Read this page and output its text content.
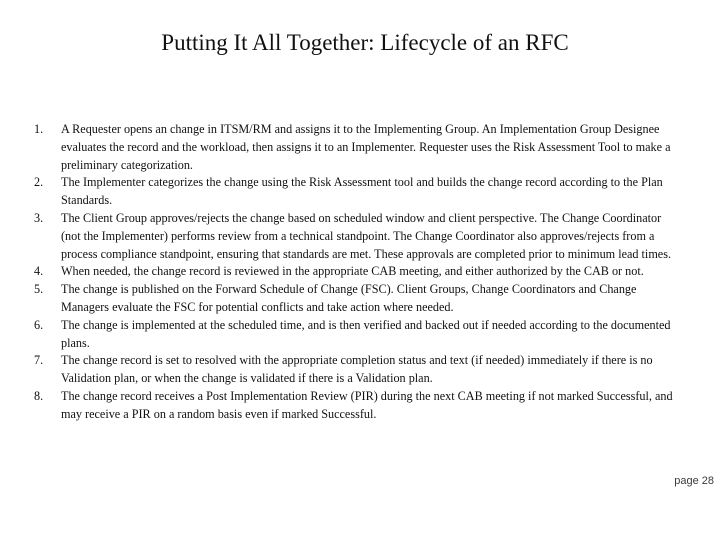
Putting It All Together: Lifecycle of an RFC
1.	A Requester opens an change in ITSM/RM and assigns it to the Implementing Group. An Implementation Group Designee evaluates the record and the workload, then assigns it to an Implementer. Requester uses the Risk Assessment Tool to make a preliminary categorization.
2.	The Implementer categorizes the change using the Risk Assessment tool and builds the change record according to the Plan Standards.
3.	The Client Group approves/rejects the change based on scheduled window and client perspective. The Change Coordinator (not the Implementer) performs review from a technical standpoint. The Change Coordinator also approves/rejects from a process compliance standpoint, ensuring that standards are met. These approvals are completed prior to minimum lead times.
4.	When needed, the change record is reviewed in the appropriate CAB meeting, and either authorized by the CAB or not.
5.	The change is published on the Forward Schedule of Change (FSC). Client Groups, Change Coordinators and Change Managers evaluate the FSC for potential conflicts and take action where needed.
6.	The change is implemented at the scheduled time, and is then verified and backed out if needed according to the documented plans.
7.	The change record is set to resolved with the appropriate completion status and text (if needed) immediately if there is no Validation plan, or when the change is validated if there is a Validation plan.
8.	The change record receives a Post Implementation Review (PIR) during the next CAB meeting if not marked Successful, and may receive a PIR on a random basis even if marked Successful.
page 28
